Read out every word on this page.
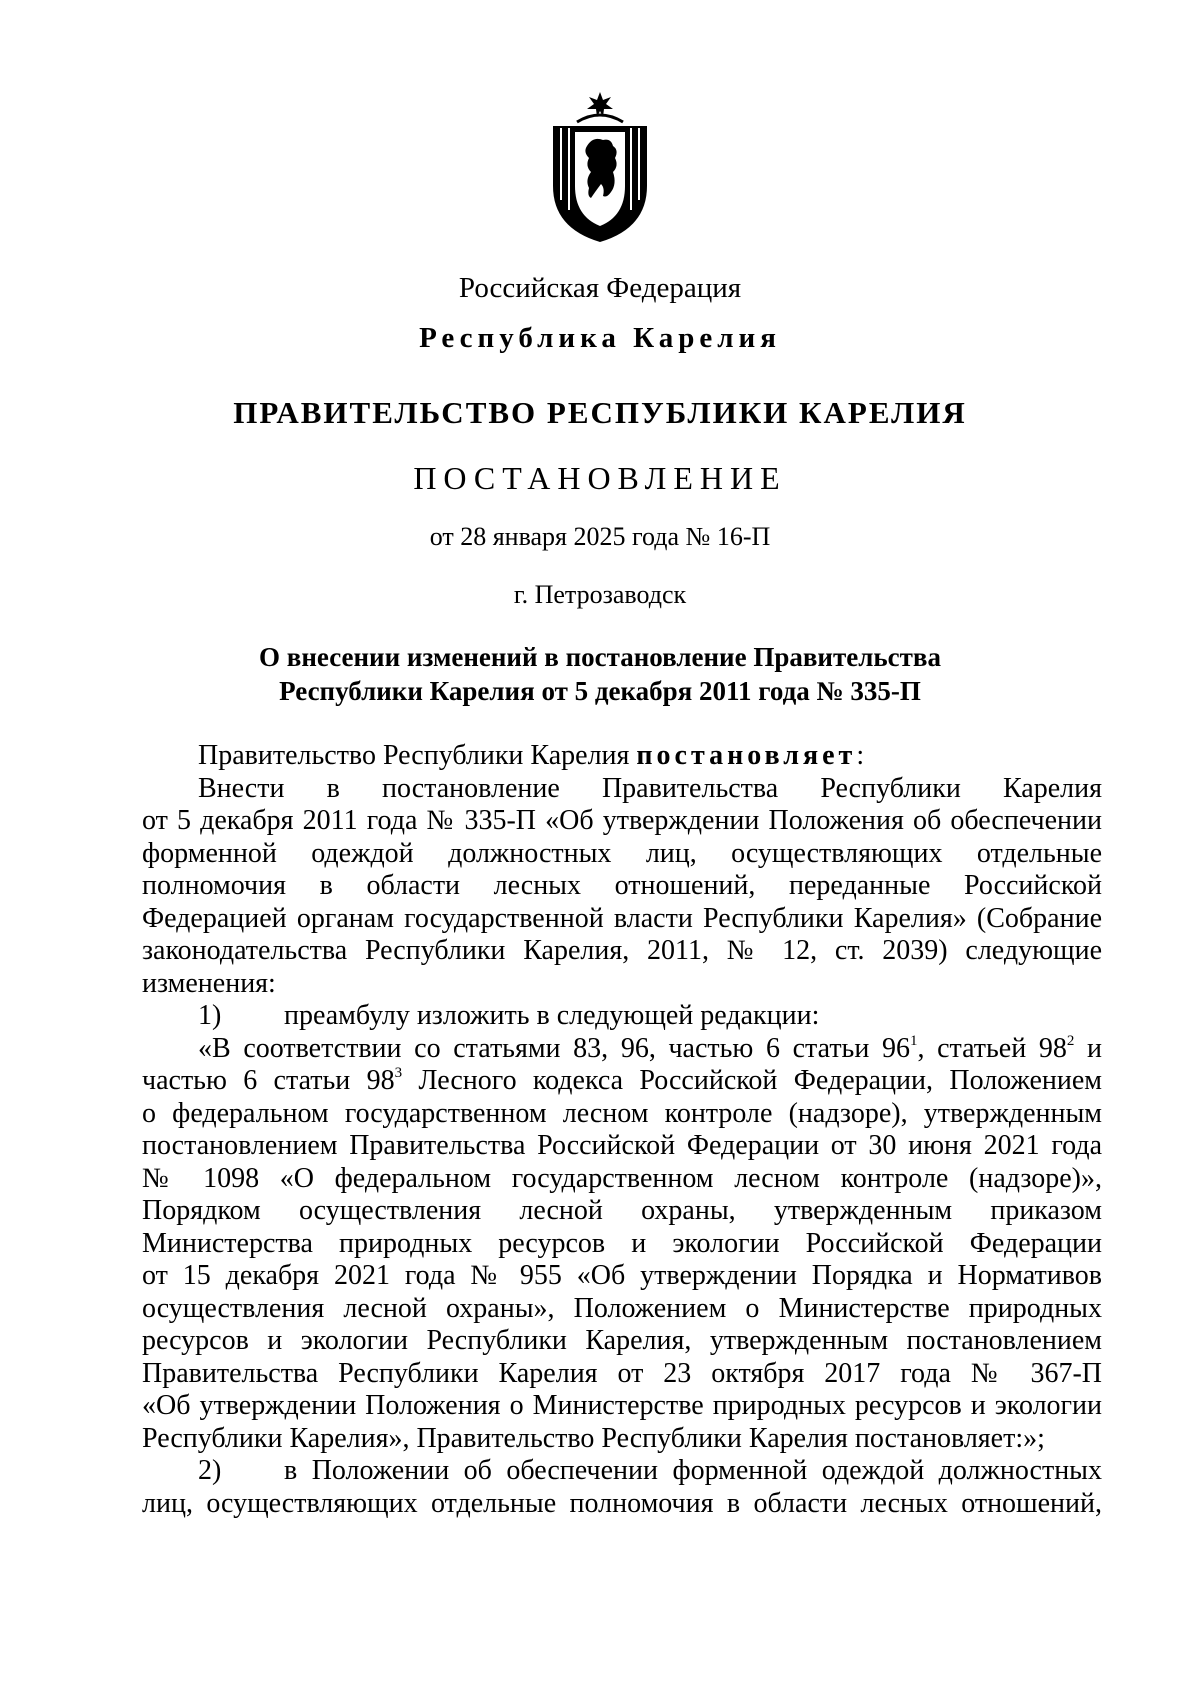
Российская Федерация
Республика Карелия
ПРАВИТЕЛЬСТВО РЕСПУБЛИКИ КАРЕЛИЯ
ПОСТАНОВЛЕНИЕ
от 28 января 2025 года № 16-П
г. Петрозаводск
О внесении изменений в постановление Правительства
Республики Карелия от 5 декабря 2011 года № 335-П
Правительство Республики Карелия постановляет:
Внести в постановление Правительства Республики Карелия
от 5 декабря 2011 года № 335-П «Об утверждении Положения об обеспечении
форменной одеждой должностных лиц, осуществляющих отдельные
полномочия в области лесных отношений, переданные Российской
Федерацией органам государственной власти Республики Карелия» (Собрание
законодательства Республики Карелия, 2011, № 12, ст. 2039) следующие
изменения:
1) преамбулу изложить в следующей редакции:
«В соответствии со статьями 83, 96, частью 6 статьи $96^1$, статьей $98^2$ и
частью 6 статьи $98^3$ Лесного кодекса Российской Федерации, Положением
о федеральном государственном лесном контроле (надзоре), утвержденным
постановлением Правительства Российской Федерации от 30 июня 2021 года
№ 1098 «О федеральном государственном лесном контроле (надзоре)»,
Порядком осуществления лесной охраны, утвержденным приказом
Министерства природных ресурсов и экологии Российской Федерации
от 15 декабря 2021 года № 955 «Об утверждении Порядка и Нормативов
осуществления лесной охраны», Положением о Министерстве природных
ресурсов и экологии Республики Карелия, утвержденным постановлением
Правительства Республики Карелия от 23 октября 2017 года № 367-П
«Об утверждении Положения о Министерстве природных ресурсов и экологии
Республики Карелия», Правительство Республики Карелия постановляет:»;
2) в Положении об обеспечении форменной одеждой должностных
лиц, осуществляющих отдельные полномочия в области лесных отношений,
